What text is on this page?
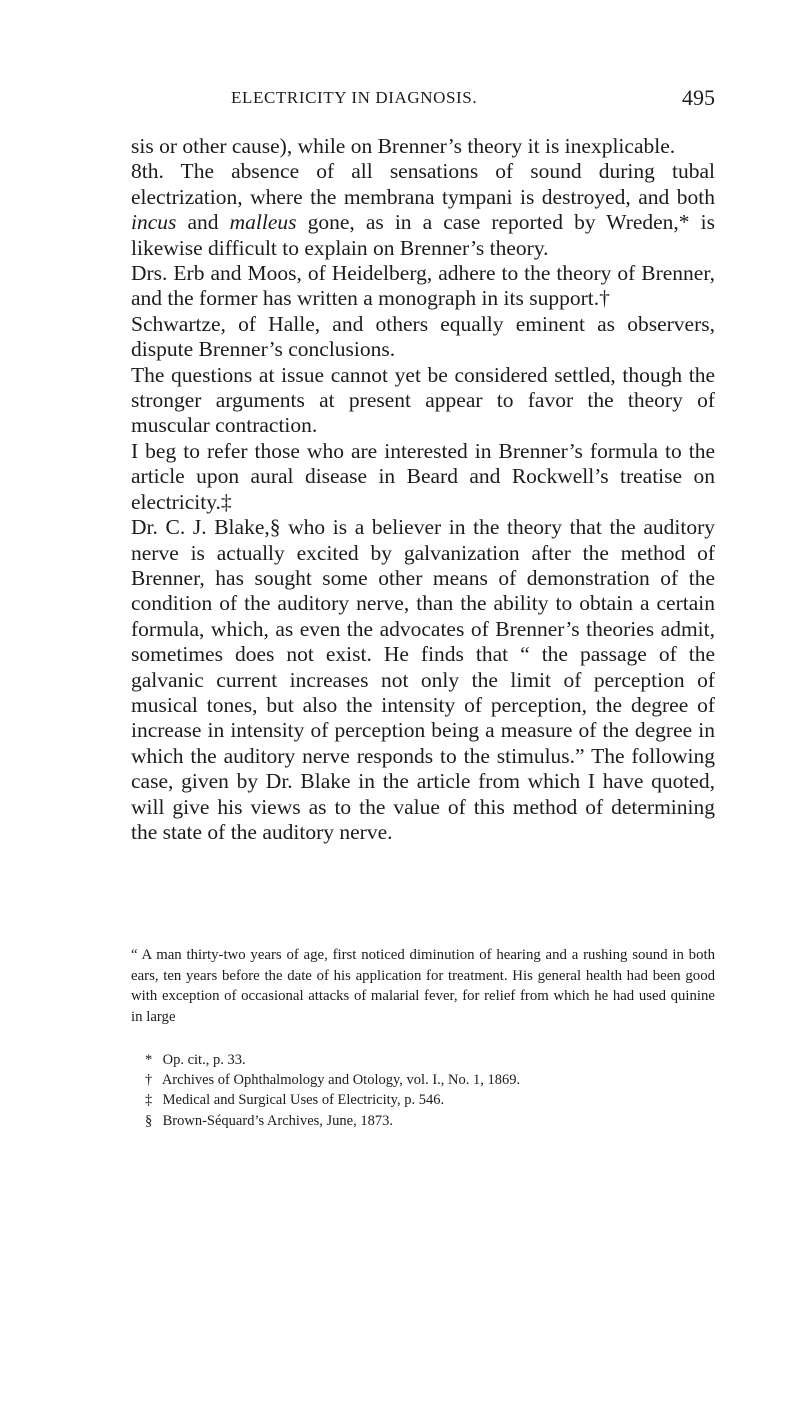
ELECTRICITY IN DIAGNOSIS.	495

sis or other cause), while on Brenner’s theory it is inexplicable.

8th. The absence of all sensations of sound during tubal electrization, where the membrana tympani is destroyed, and both incus and malleus gone, as in a case reported by Wreden,* is likewise difficult to explain on Brenner’s theory.

Drs. Erb and Moos, of Heidelberg, adhere to the theory of Brenner, and the former has written a monograph in its support.†

Schwartze, of Halle, and others equally eminent as observers, dispute Brenner’s conclusions.

The questions at issue cannot yet be considered settled, though the stronger arguments at present appear to favor the theory of muscular contraction.

I beg to refer those who are interested in Brenner’s formula to the article upon aural disease in Beard and Rockwell’s treatise on electricity.‡

Dr. C. J. Blake,§ who is a believer in the theory that the auditory nerve is actually excited by galvanization after the method of Brenner, has sought some other means of demonstration of the condition of the auditory nerve, than the ability to obtain a certain formula, which, as even the advocates of Brenner’s theories admit, sometimes does not exist. He finds that “ the passage of the galvanic current increases not only the limit of perception of musical tones, but also the intensity of perception, the degree of increase in intensity of perception being a measure of the degree in which the auditory nerve responds to the stimulus.” The following case, given by Dr. Blake in the article from which I have quoted, will give his views as to the value of this method of determining the state of the auditory nerve.

“ A man thirty-two years of age, first noticed diminution of hearing and a rushing sound in both ears, ten years before the date of his application for treatment. His general health had been good with exception of occasional attacks of malarial fever, for relief from which he had used quinine in large

* Op. cit., p. 33.
† Archives of Ophthalmology and Otology, vol. I., No. 1, 1869.
‡ Medical and Surgical Uses of Electricity, p. 546.
§ Brown-Séquard’s Archives, June, 1873.
